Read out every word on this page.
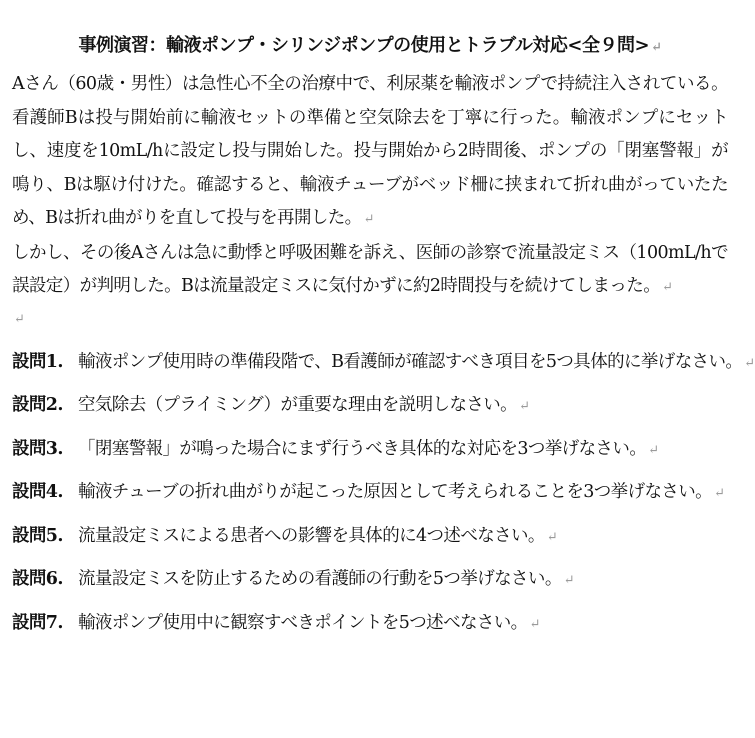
事例演習：輸液ポンプ・シリンジポンプの使用とトラブル対応<全９問> ↵

Aさん（60歳・男性）は急性心不全の治療中で、利尿薬を輸液ポンプで持続注入されている。看護師Bは投与開始前に輸液セットの準備と空気除去を丁寧に行った。輸液ポンプにセットし、速度を10mL/hに設定し投与開始した。投与開始から2時間後、ポンプの「閉塞警報」が鳴り、Bは駆け付けた。確認すると、輸液チューブがベッド柵に挟まれて折れ曲がっていたため、Bは折れ曲がりを直して投与を再開した。 ↵

しかし、その後Aさんは急に動悸と呼吸困難を訴え、医師の診察で流量設定ミス（100mL/hで誤設定）が判明した。Bは流量設定ミスに気付かずに約2時間投与を続けてしまった。 ↵

↵
設問1. 輸液ポンプ使用時の準備段階で、B看護師が確認すべき項目を5つ具体的に挙げなさい。 ↵
設問2. 空気除去（プライミング）が重要な理由を説明しなさい。 ↵
設問3. 「閉塞警報」が鳴った場合にまず行うべき具体的な対応を3つ挙げなさい。 ↵
設問4. 輸液チューブの折れ曲がりが起こった原因として考えられることを3つ挙げなさい。 ↵
設問5. 流量設定ミスによる患者への影響を具体的に4つ述べなさい。 ↵
設問6. 流量設定ミスを防止するための看護師の行動を5つ挙げなさい。 ↵
設問7. 輸液ポンプ使用中に観察すべきポイントを5つ述べなさい。 ↵
